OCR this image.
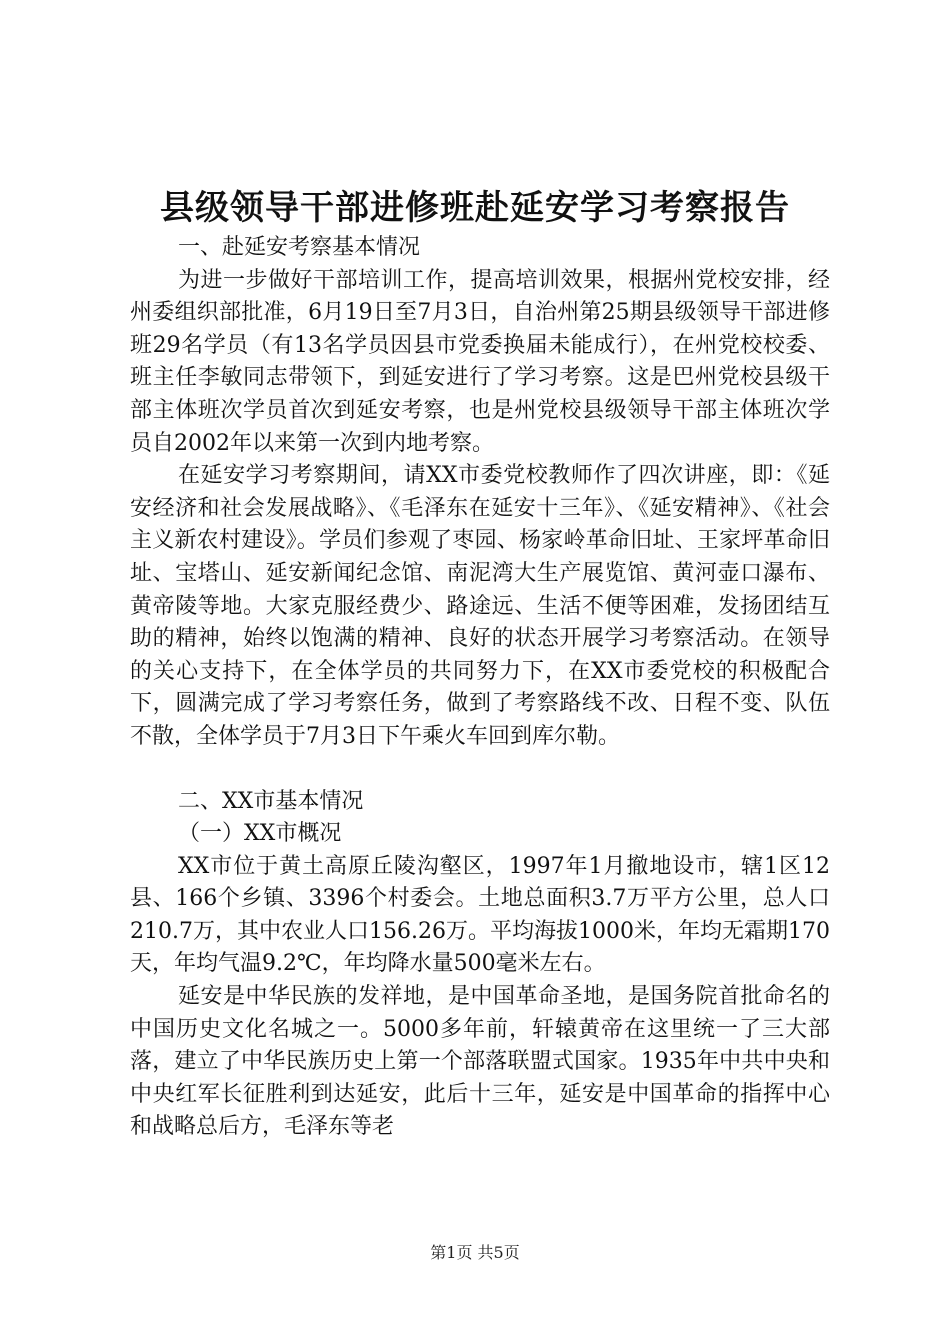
县级领导干部进修班赴延安学习考察报告

一、赴延安考察基本情况

为进一步做好干部培训工作，提高培训效果，根据州党校安排，经州委组织部批准，6月19日至7月3日，自治州第25期县级领导干部进修班29名学员（有13名学员因县市党委换届未能成行），在州党校校委、班主任李敏同志带领下，到延安进行了学习考察。这是巴州党校县级干部主体班次学员首次到延安考察，也是州党校县级领导干部主体班次学员自2002年以来第一次到内地考察。

在延安学习考察期间，请XX市委党校教师作了四次讲座，即：《延安经济和社会发展战略》、《毛泽东在延安十三年》、《延安精神》、《社会主义新农村建设》。学员们参观了枣园、杨家岭革命旧址、王家坪革命旧址、宝塔山、延安新闻纪念馆、南泥湾大生产展览馆、黄河壶口瀑布、黄帝陵等地。大家克服经费少、路途远、生活不便等困难，发扬团结互助的精神，始终以饱满的精神、良好的状态开展学习考察活动。在领导的关心支持下，在全体学员的共同努力下，在XX市委党校的积极配合下，圆满完成了学习考察任务，做到了考察路线不改、日程不变、队伍不散，全体学员于7月3日下午乘火车回到库尔勒。

二、XX市基本情况

（一）XX市概况

XX市位于黄土高原丘陵沟壑区，1997年1月撤地设市，辖1区12县、166个乡镇、3396个村委会。土地总面积3.7万平方公里，总人口210.7万，其中农业人口156.26万。平均海拔1000米，年均无霜期170天，年均气温9.2℃，年均降水量500毫米左右。

延安是中华民族的发祥地，是中国革命圣地，是国务院首批命名的中国历史文化名城之一。5000多年前，轩辕黄帝在这里统一了三大部落，建立了中华民族历史上第一个部落联盟式国家。1935年中共中央和中央红军长征胜利到达延安，此后十三年，延安是中国革命的指挥中心和战略总后方，毛泽东等老

第1页 共5页
